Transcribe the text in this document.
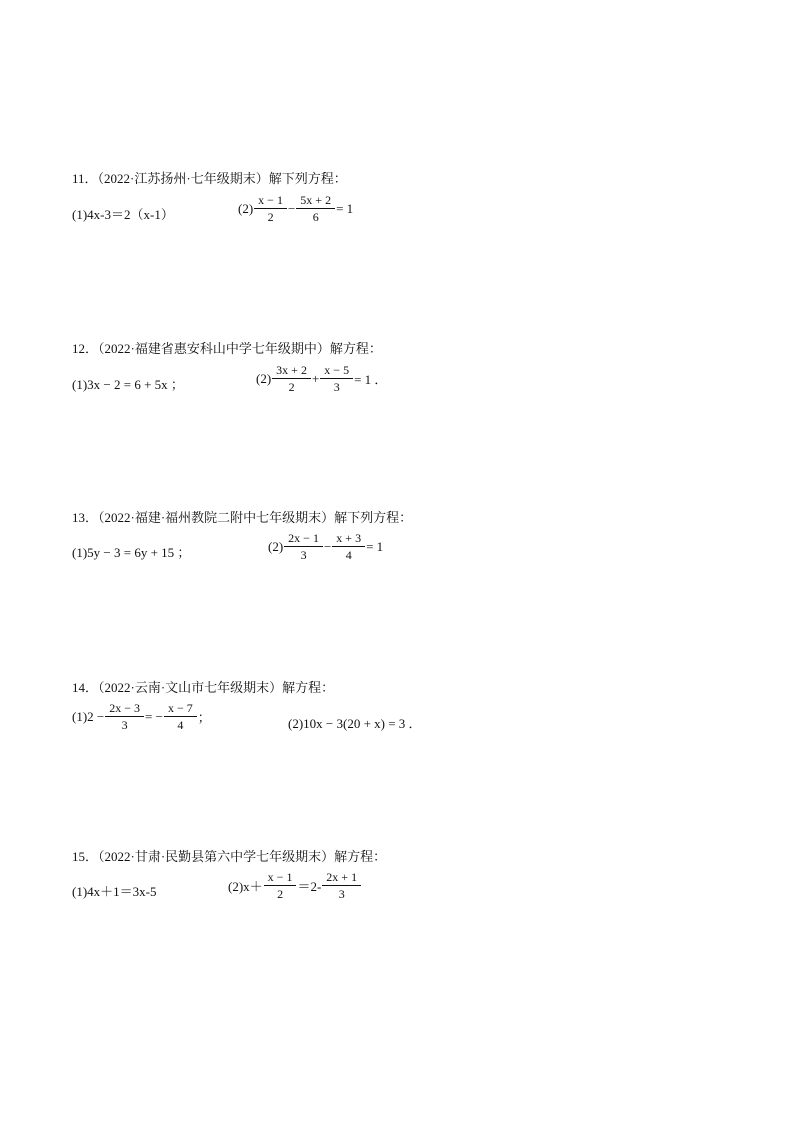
11．（2022·江苏扬州·七年级期末）解下列方程：
(1)4x-3＝2（x-1）	$(2) \frac{x - 1}{2} - \frac{5x + 2}{6} = 1$
12．（2022·福建省惠安科山中学七年级期中）解方程：
(1)3x − 2 = 6 + 5x ；	$(2) \frac{3x + 2}{2} + \frac{x - 5}{3} = 1$ ．
13．（2022·福建·福州教院二附中七年级期末）解下列方程：
(1)5y − 3 = 6y + 15 ；	$(2) \frac{2x - 1}{3} - \frac{x + 3}{4} = 1$
14．（2022·云南·文山市七年级期末）解方程：
$(1)2 - \frac{2x - 3}{3}$ = − $\frac{x - 7}{4}$ ；	(2)10x − 3(20 + x) = 3 ．
15．（2022·甘肃·民勤县第六中学七年级期末）解方程：
(1)4x＋1＝3x-5	$(2)x+ \frac{x - 1}{2} =2- \frac{2x + 1}{3}$
